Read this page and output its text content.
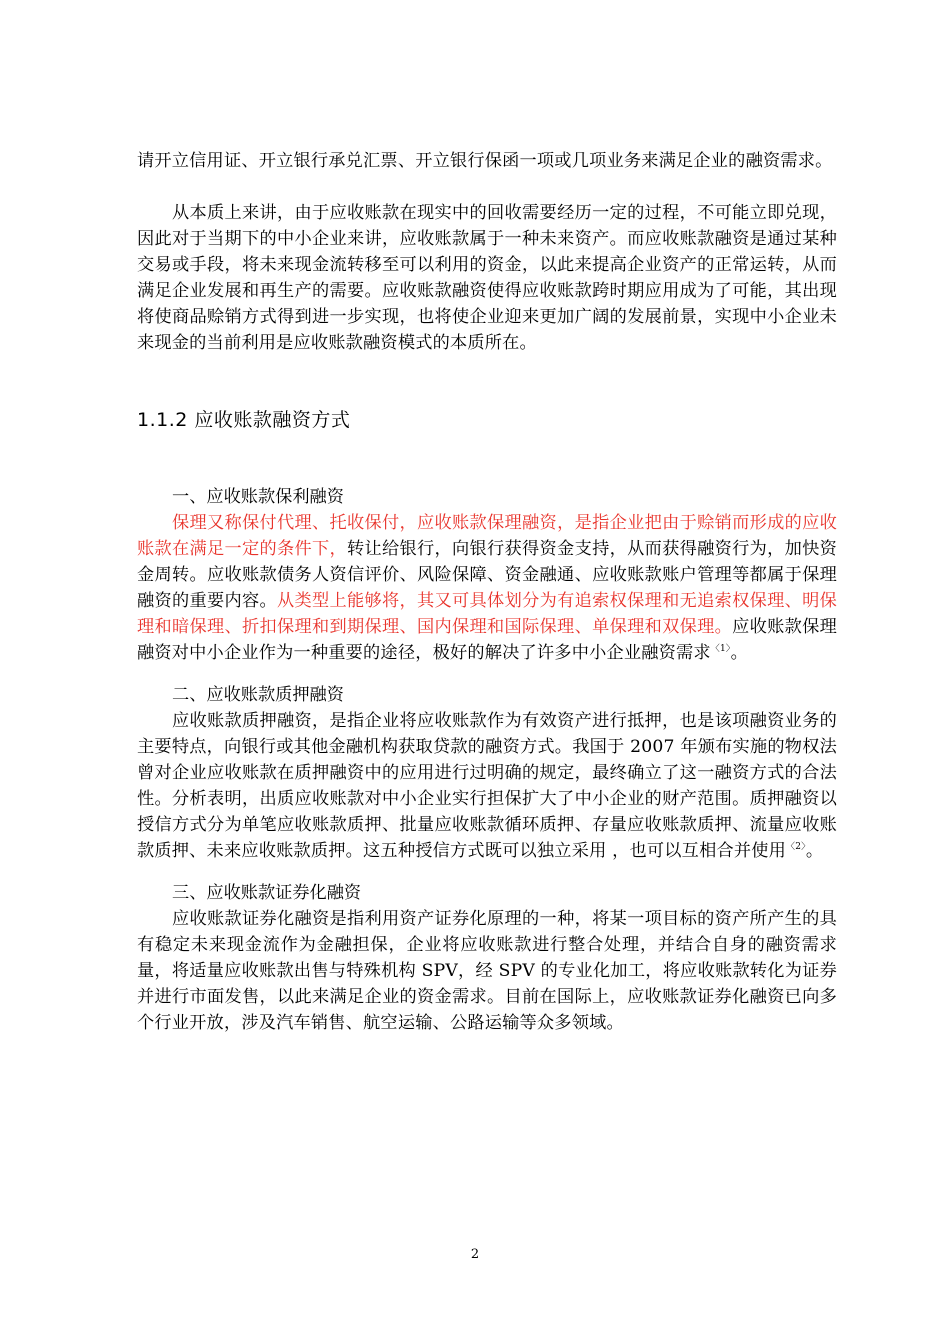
请开立信用证、开立银行承兑汇票、开立银行保函一项或几项业务来满足企业的融资需求。

从本质上来讲，由于应收账款在现实中的回收需要经历一定的过程，不可能立即兑现，因此对于当期下的中小企业来讲，应收账款属于一种未来资产。而应收账款融资是通过某种交易或手段，将未来现金流转移至可以利用的资金，以此来提高企业资产的正常运转，从而满足企业发展和再生产的需要。应收账款融资使得应收账款跨时期应用成为了可能，其出现将使商品赊销方式得到进一步实现，也将使企业迎来更加广阔的发展前景，实现中小企业未来现金的当前利用是应收账款融资模式的本质所在。

1.1.2 应收账款融资方式

一、应收账款保利融资

保理又称保付代理、托收保付，应收账款保理融资，是指企业把由于赊销而形成的应收账款在满足一定的条件下，转让给银行，向银行获得资金支持，从而获得融资行为，加快资金周转。应收账款债务人资信评价、风险保障、资金融通、应收账款账户管理等都属于保理融资的重要内容。从类型上能够将，其又可具体划分为有追索权保理和无追索权保理、明保理和暗保理、折扣保理和到期保理、国内保理和国际保理、单保理和双保理。应收账款保理融资对中小企业作为一种重要的途径，极好的解决了许多中小企业融资需求$^{〈1〉}$。

二、应收账款质押融资

应收账款质押融资，是指企业将应收账款作为有效资产进行抵押，也是该项融资业务的主要特点，向银行或其他金融机构获取贷款的融资方式。我国于 2007 年颁布实施的物权法曾对企业应收账款在质押融资中的应用进行过明确的规定，最终确立了这一融资方式的合法性。分析表明，出质应收账款对中小企业实行担保扩大了中小企业的财产范围。质押融资以授信方式分为单笔应收账款质押、批量应收账款循环质押、存量应收账款质押、流量应收账款质押、未来应收账款质押。这五种授信方式既可以独立采用 ，也可以互相合并使用$^{〈2〉}$。

三、应收账款证券化融资

应收账款证券化融资是指利用资产证券化原理的一种，将某一项目标的资产所产生的具有稳定未来现金流作为金融担保，企业将应收账款进行整合处理，并结合自身的融资需求量，将适量应收账款出售与特殊机构 SPV，经 SPV 的专业化加工，将应收账款转化为证券并进行市面发售，以此来满足企业的资金需求。目前在国际上，应收账款证券化融资已向多个行业开放，涉及汽车销售、航空运输、公路运输等众多领域。

2
